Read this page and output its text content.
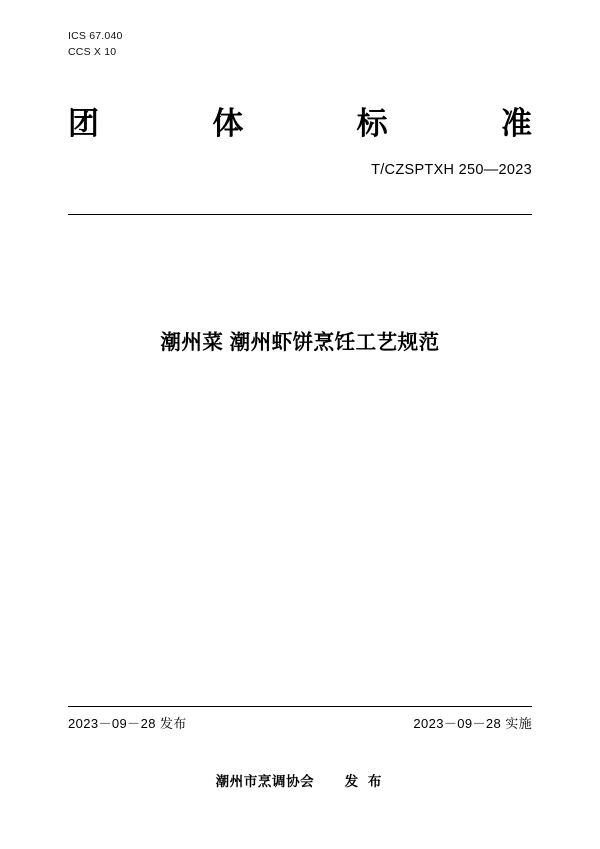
ICS 67.040
CCS X 10
团	体	标	准
T/CZSPTXH 250—2023
潮州菜 潮州虾饼烹饪工艺规范
2023－09－28 发布	2023－09－28 实施
潮州市烹调协会 发 布
